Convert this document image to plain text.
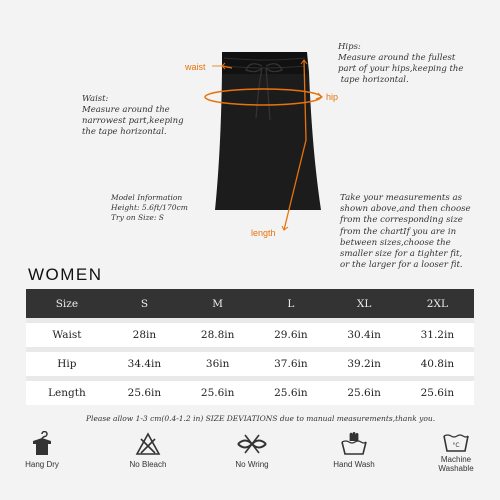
waist
hip
length
Waist:
Measure around the
narrowest part,keeping
the tape horizontal.
Hips:
Measure around the fullest
part of your hips,keeping the
tape horizontal.
Model Information
Height: 5.6ft/170cm
Try on Size: S
Take your measurements as
shown above,and then choose
from the corresponding size
from the chartIf you are in
between sizes,choose the
smaller size for a tighter fit,
or the larger for a looser fit.
WOMEN
Size	S	M	L	XL	2XL
Waist	28in	28.8in	29.6in	30.4in	31.2in
Hip	34.4in	36in	37.6in	39.2in	40.8in
Length	25.6in	25.6in	25.6in	25.6in	25.6in
Please allow 1-3 cm(0.4-1.2 in) SIZE DEVIATIONS due to manual measurements,thank you.
Hang Dry	No Bleach	No Wring	Hand Wash
°C
Machine Washable
